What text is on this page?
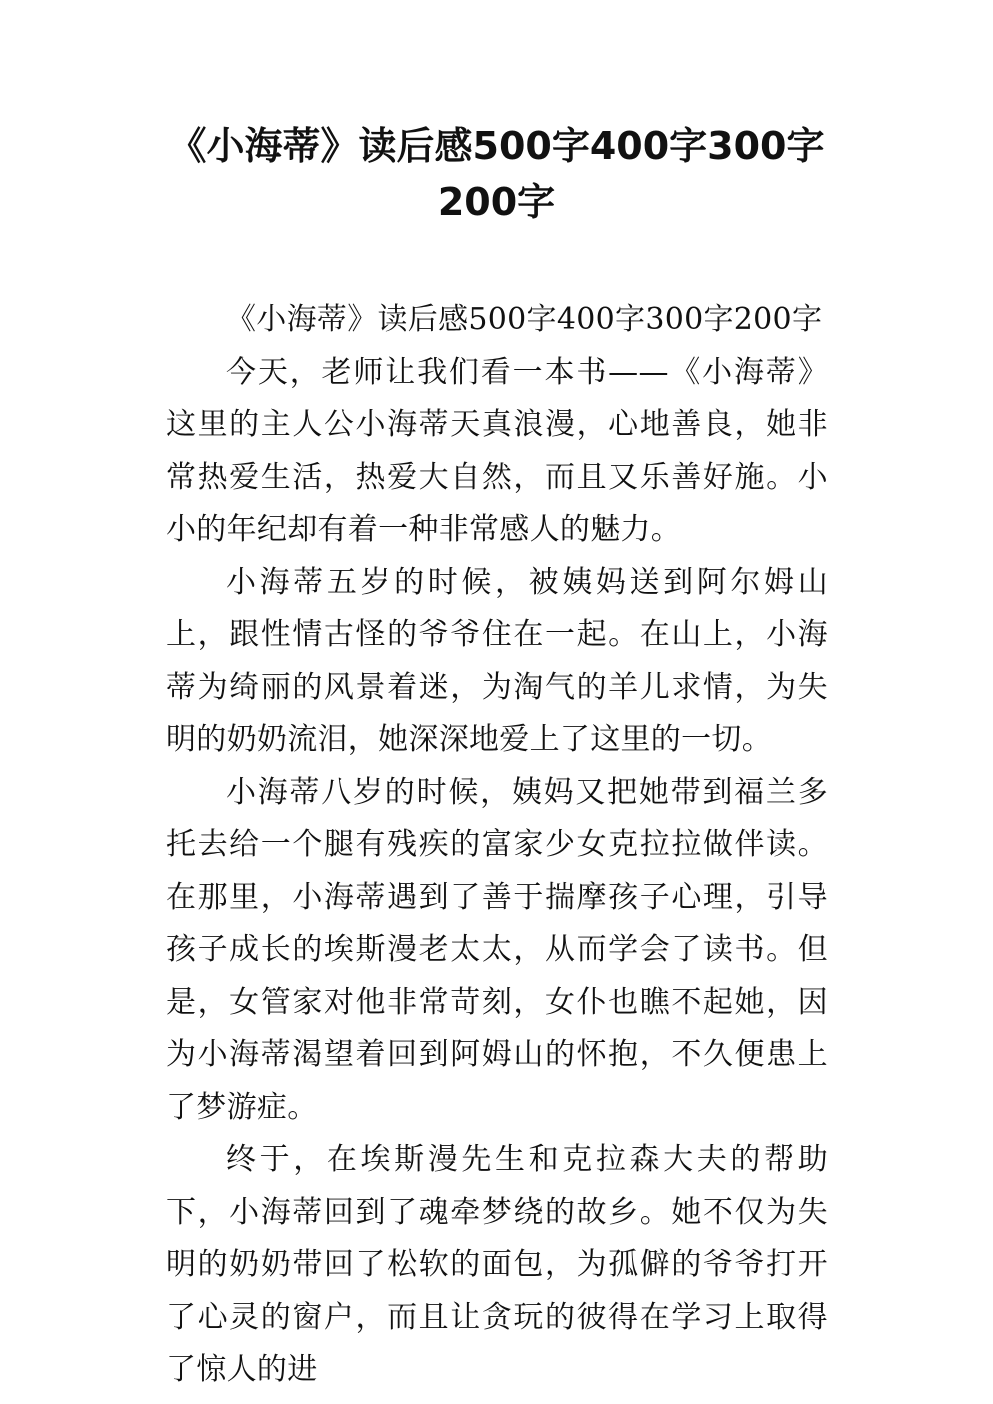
《小海蒂》读后感500字400字300字200字

《小海蒂》读后感500字400字300字200字

今天，老师让我们看一本书——《小海蒂》这里的主人公小海蒂天真浪漫，心地善良，她非常热爱生活，热爱大自然，而且又乐善好施。小小的年纪却有着一种非常感人的魅力。

小海蒂五岁的时候，被姨妈送到阿尔姆山上，跟性情古怪的爷爷住在一起。在山上，小海蒂为绮丽的风景着迷，为淘气的羊儿求情，为失明的奶奶流泪，她深深地爱上了这里的一切。

小海蒂八岁的时候，姨妈又把她带到福兰多托去给一个腿有残疾的富家少女克拉拉做伴读。在那里，小海蒂遇到了善于揣摩孩子心理，引导孩子成长的埃斯漫老太太，从而学会了读书。但是，女管家对他非常苛刻，女仆也瞧不起她，因为小海蒂渴望着回到阿姆山的怀抱，不久便患上了梦游症。

终于，在埃斯漫先生和克拉森大夫的帮助下，小海蒂回到了魂牵梦绕的故乡。她不仅为失明的奶奶带回了松软的面包，为孤僻的爷爷打开了心灵的窗户，而且让贪玩的彼得在学习上取得了惊人的进
